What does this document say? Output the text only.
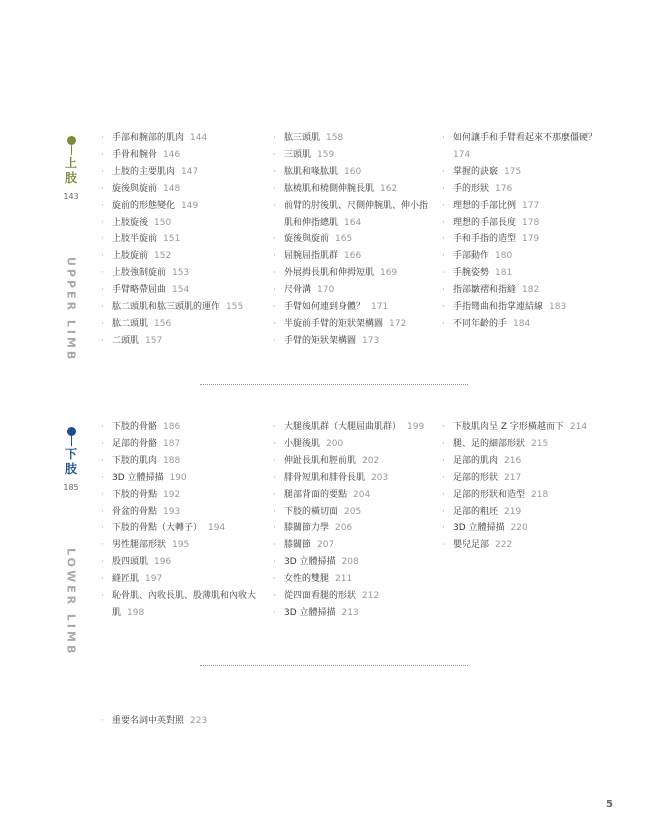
上肢
143
UPPER LIMB
· 手部和腕部的肌肉 144
· 手骨和腕骨 146
· 上肢的主要肌肉 147
· 旋後與旋前 148
· 旋前的形態變化 149
· 上肢旋後 150
· 上肢半旋前 151
· 上肢旋前 152
· 上肢強制旋前 153
· 手臂略帶屈曲 154
· 肱二頭肌和肱三頭肌的運作 155
· 肱二頭肌 156
· 二頭肌 157
· 肱三頭肌 158
· 三頭肌 159
· 肱肌和喙肱肌 160
· 肱橈肌和橈側伸腕長肌 162
· 前臂的肘後肌、尺側伸腕肌、伸小指
肌和伸指總肌 164
· 旋後與旋前 165
· 屈腕屈指肌群 166
· 外展拇長肌和伸拇短肌 169
· 尺骨溝 170
· 手臂如何連到身體？ 171
· 半旋前手臂的矩狀架構圖 172
· 手臂的矩狀架構圖 173
· 如何讓手和手臂看起來不那麼僵硬？
174
· 掌握的訣竅 175
· 手的形狀 176
· 理想的手部比例 177
· 理想的手部長度 178
· 手和手指的造型 179
· 手部動作 180
· 手腕姿勢 181
· 指部皺褶和指縫 182
· 手指彎曲和指掌連結線 183
· 不同年齡的手 184
下肢
185
LOWER LIMB
· 下肢的骨骼 186
· 足部的骨骼 187
· 下肢的肌肉 188
· 3D 立體掃描 190
· 下肢的骨點 192
· 骨盆的骨點 193
· 下肢的骨點（大轉子） 194
· 男性腿部形狀 195
· 股四頭肌 196
· 縫匠肌 197
· 恥骨肌、內收長肌、股薄肌和內收大
肌 198
· 大腿後肌群（大腿屈曲肌群） 199
· 小腿後肌 200
· 伸趾長肌和脛前肌 202
· 腓骨短肌和腓骨長肌 203
· 腿部背面的要點 204
· 下肢的橫切面 205
· 膝關節力學 206
· 膝關節 207
· 3D 立體掃描 208
· 女性的雙腿 211
· 從四面看腿的形狀 212
· 3D 立體掃描 213
· 下肢肌肉呈 Z 字形橫越而下 214
· 腿、足的細部形狀 215
· 足部的肌肉 216
· 足部的形狀 217
· 足部的形狀和造型 218
· 足部的粗坯 219
· 3D 立體掃描 220
· 嬰兒足部 222
· 重要名詞中英對照 223
5
